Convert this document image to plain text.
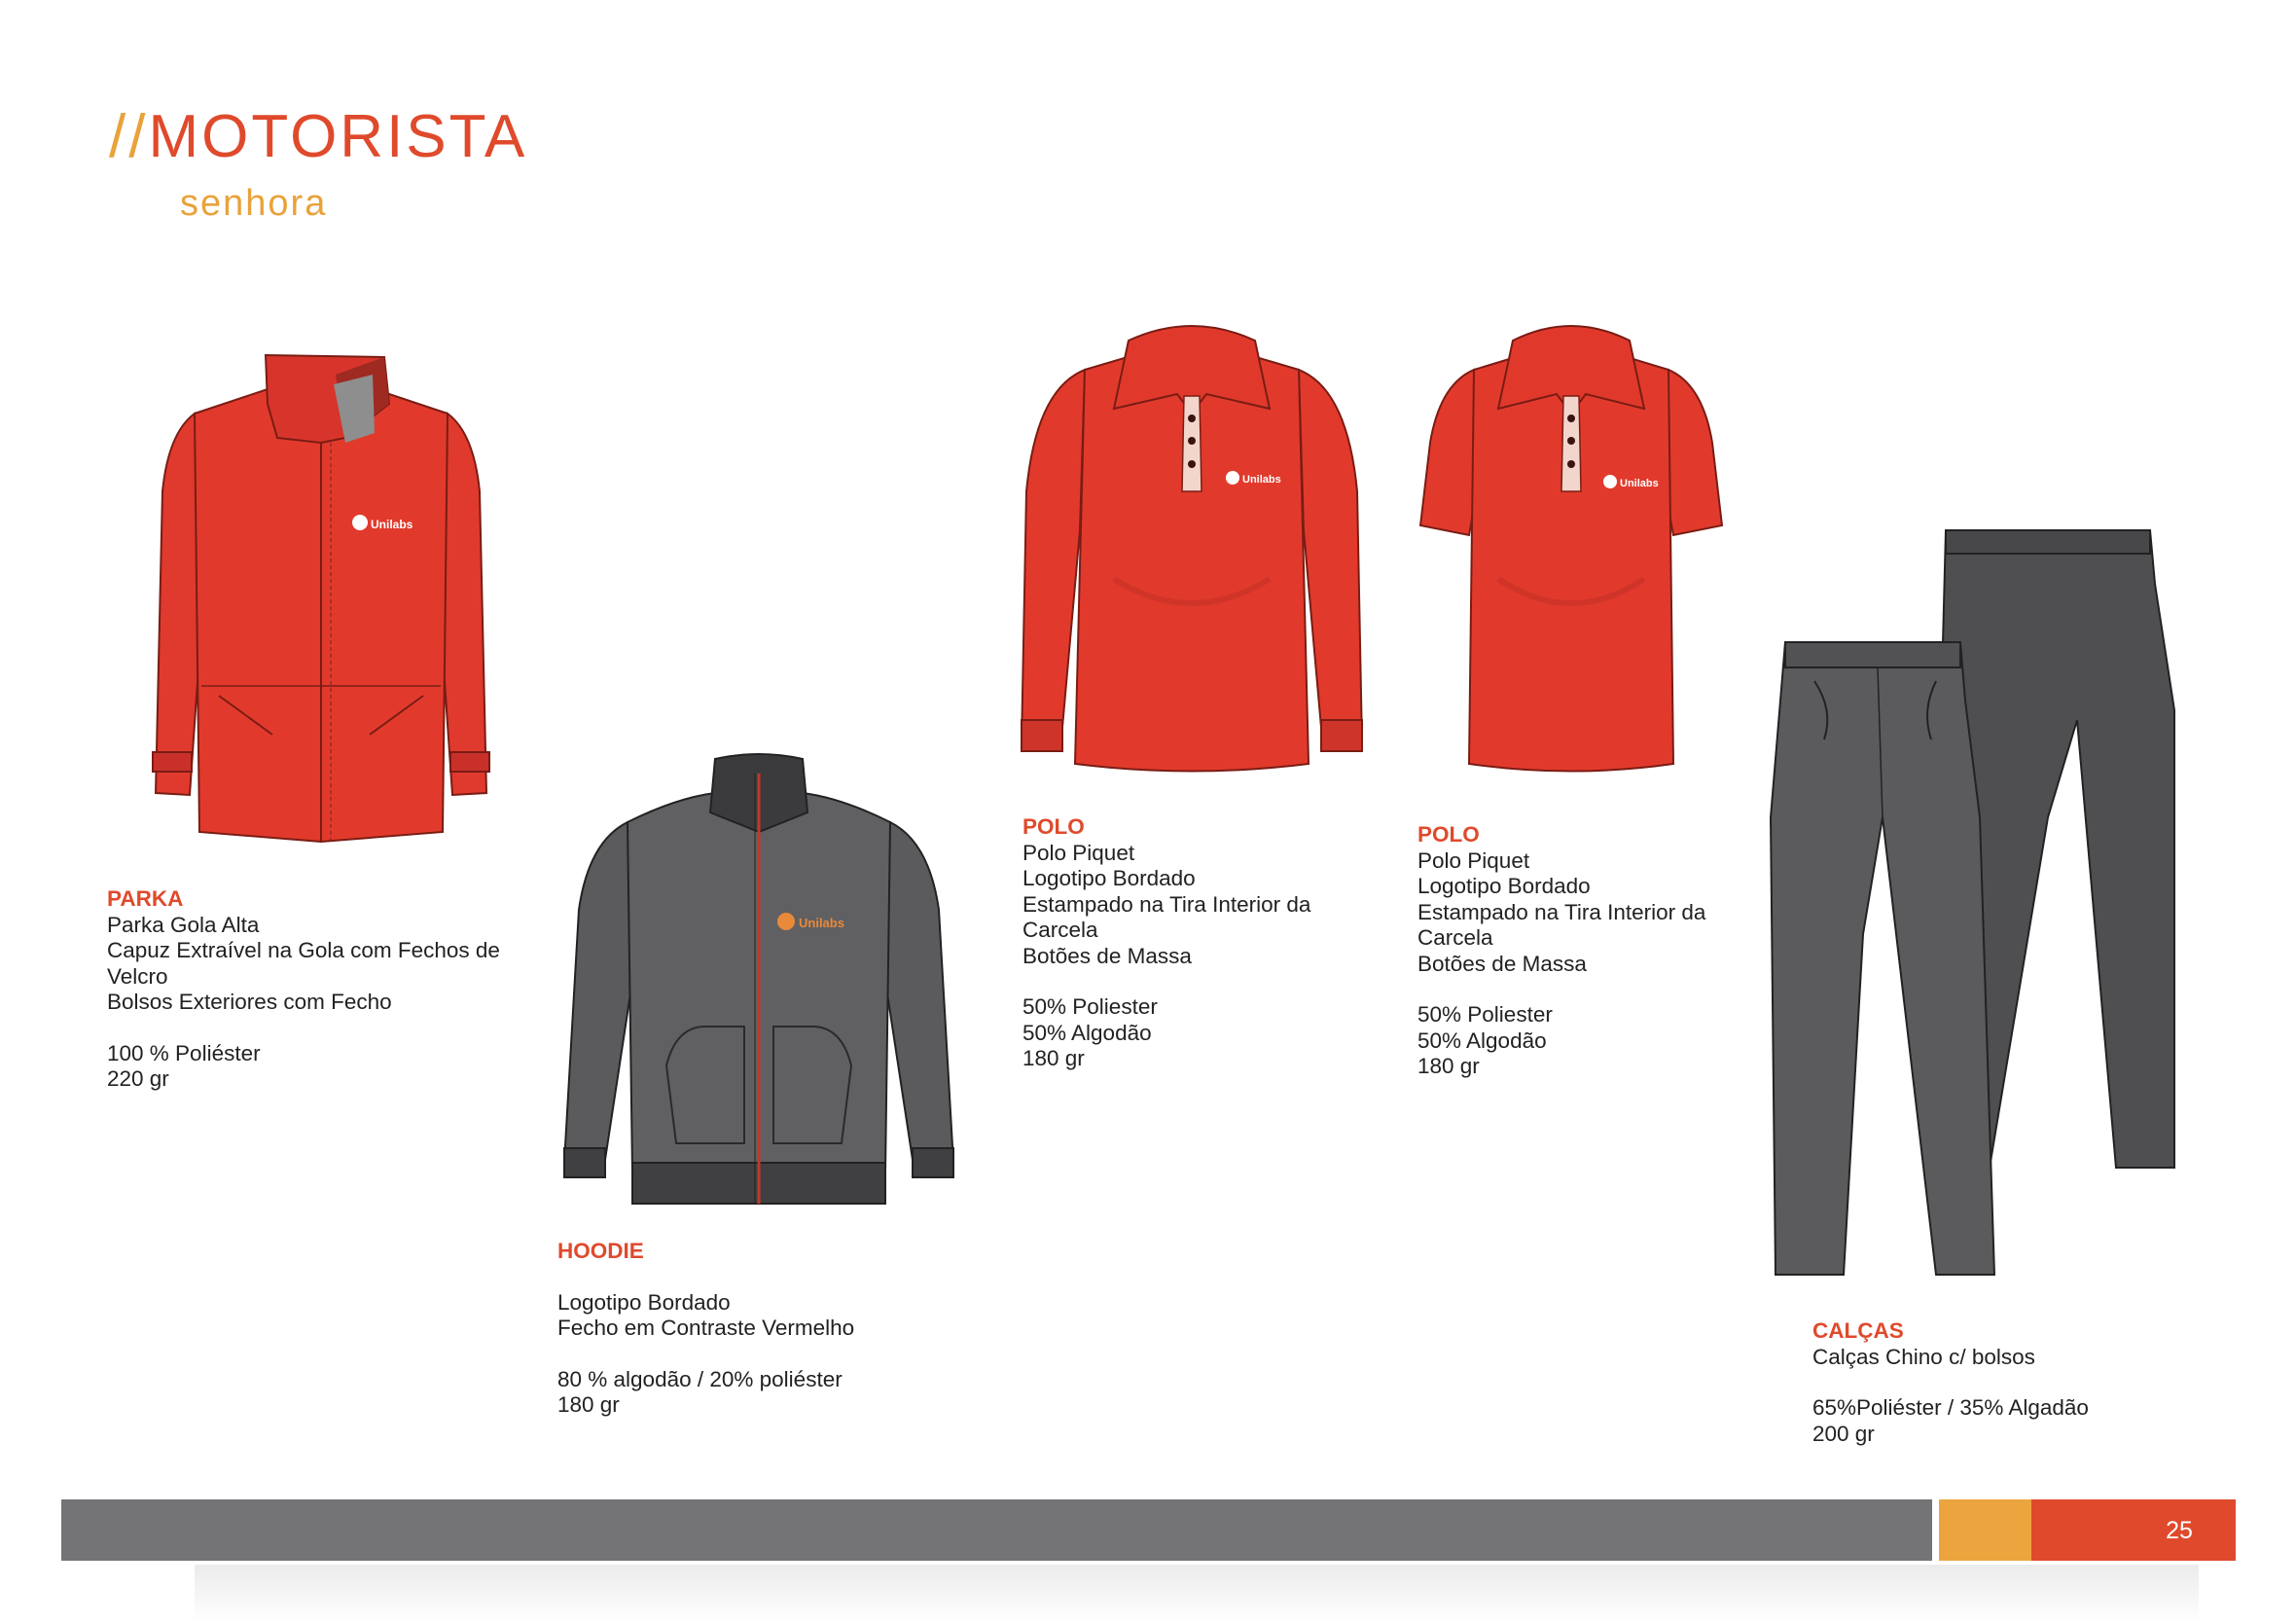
//MOTORISTA
senhora
Unilabs
Unilabs
Unilabs	Unilabs
PARKA
Parka Gola Alta
Capuz Extraível na Gola com Fechos de
Velcro
Bolsos Exteriores com Fecho
100 % Poliéster
220 gr
HOODIE
Logotipo Bordado
Fecho em Contraste Vermelho
80 % algodão / 20% poliéster
180 gr
POLO
Polo Piquet
Logotipo Bordado
Estampado na Tira Interior da
Carcela
Botões de Massa
50% Poliester
50% Algodão
180 gr
POLO
Polo Piquet
Logotipo Bordado
Estampado na Tira Interior da
Carcela
Botões de Massa
50% Poliester
50% Algodão
180 gr
CALÇAS
Calças Chino c/ bolsos
65%Poliéster / 35% Algadão
200 gr
25
